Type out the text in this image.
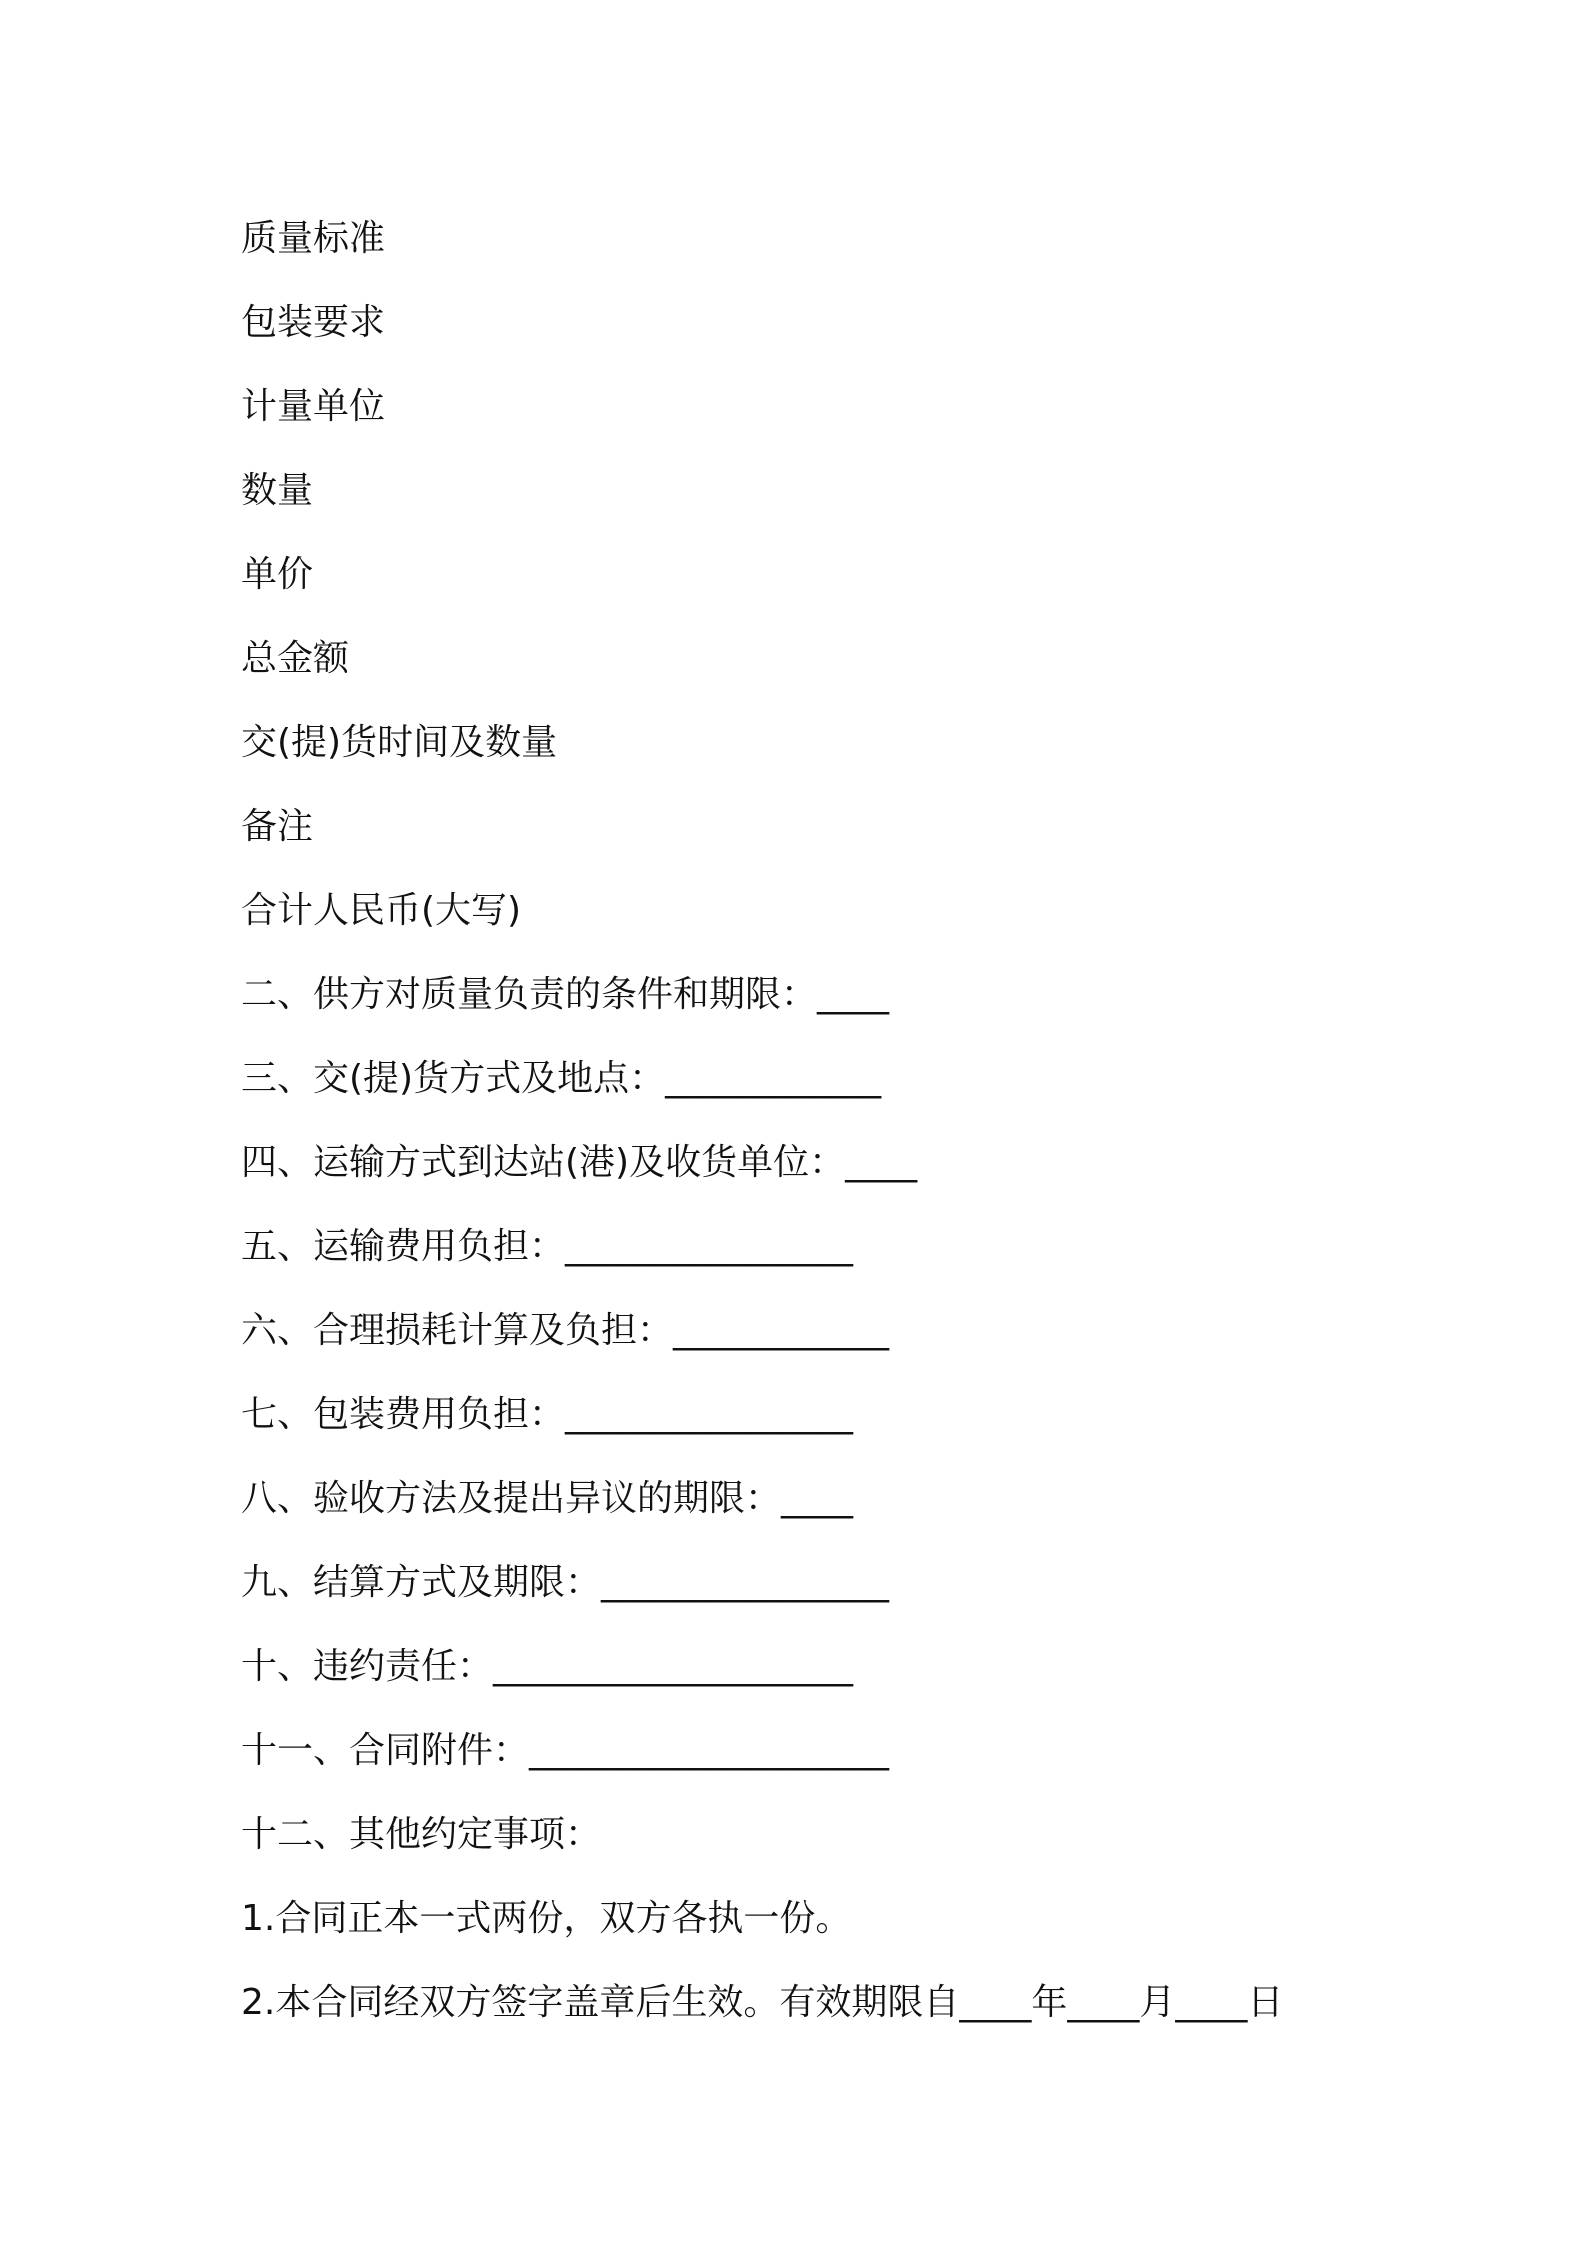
质量标准
包装要求
计量单位
数量
单价
总金额
交(提)货时间及数量
备注
合计人民币(大写)
二、供方对质量负责的条件和期限：____
三、交(提)货方式及地点：____________
四、运输方式到达站(港)及收货单位：____
五、运输费用负担：________________
六、合理损耗计算及负担：____________
七、包装费用负担：________________
八、验收方法及提出异议的期限：____
九、结算方式及期限：________________
十、违约责任：____________________
十一、合同附件：____________________
十二、其他约定事项：
1.合同正本一式两份，双方各执一份。
2.本合同经双方签字盖章后生效。有效期限自____年____月____日
